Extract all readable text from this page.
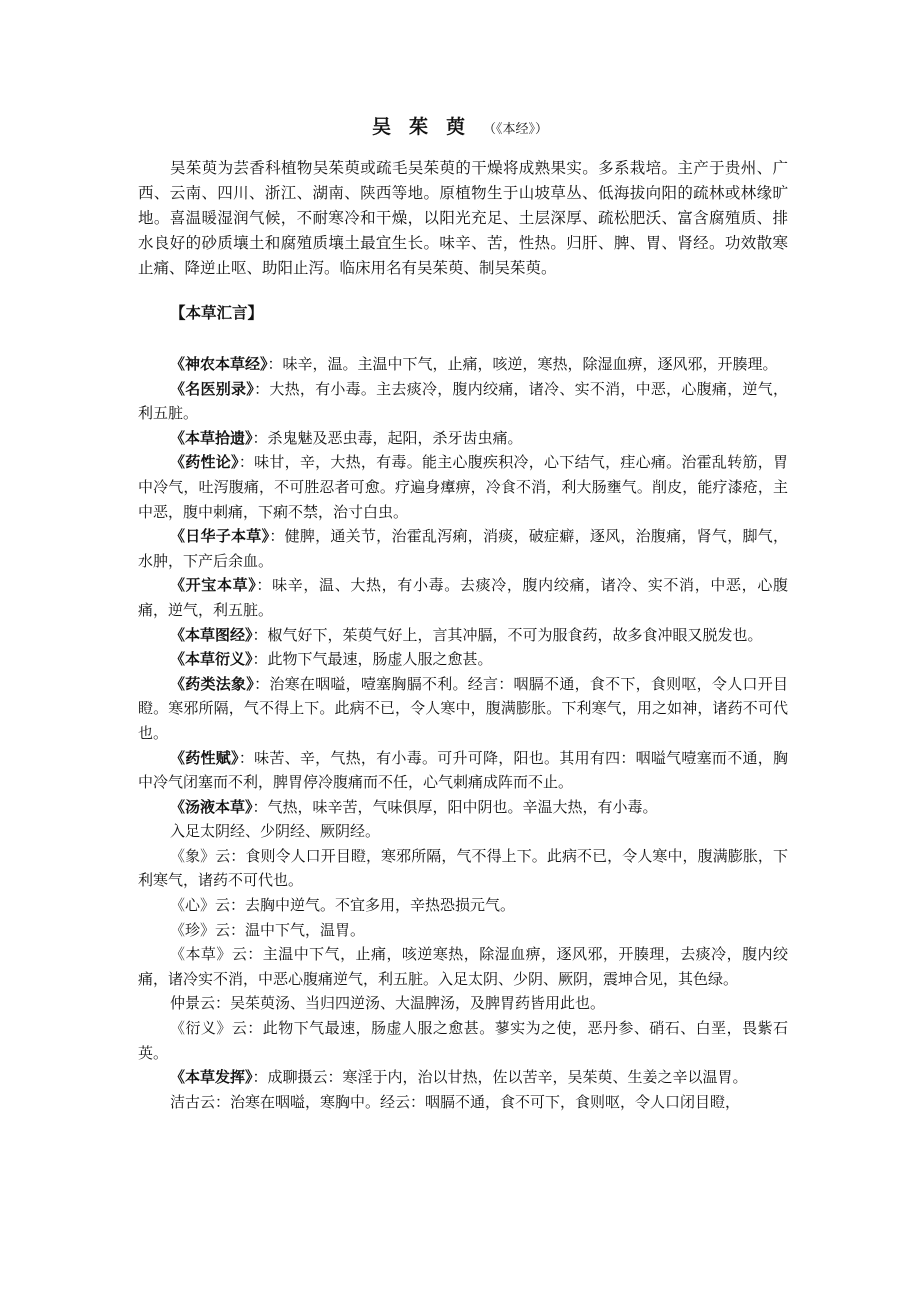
吴茱萸（《本经》）

吴茱萸为芸香科植物吴茱萸或疏毛吴茱萸的干燥将成熟果实。多系栽培。主产于贵州、广西、云南、四川、浙江、湖南、陕西等地。原植物生于山坡草丛、低海拔向阳的疏林或林缘旷地。喜温暖湿润气候，不耐寒冷和干燥，以阳光充足、土层深厚、疏松肥沃、富含腐殖质、排水良好的砂质壤土和腐殖质壤土最宜生长。味辛、苦，性热。归肝、脾、胃、肾经。功效散寒止痛、降逆止呕、助阳止泻。临床用名有吴茱萸、制吴茱萸。

【本草汇言】

《神农本草经》：味辛，温。主温中下气，止痛，咳逆，寒热，除湿血痹，逐风邪，开腠理。

《名医别录》：大热，有小毒。主去痰冷，腹内绞痛，诸冷、实不消，中恶，心腹痛，逆气，利五脏。

《本草拾遗》：杀鬼魅及恶虫毒，起阳，杀牙齿虫痛。

《药性论》：味甘，辛，大热，有毒。能主心腹疾积冷，心下结气，疰心痛。治霍乱转筋，胃中冷气，吐泻腹痛，不可胜忍者可愈。疗遍身㿏痹，冷食不消，利大肠壅气。削皮，能疗漆疮，主中恶，腹中刺痛，下痢不禁，治寸白虫。

《日华子本草》：健脾，通关节，治霍乱泻痢，消痰，破症癖，逐风，治腹痛，肾气，脚气，水肿，下产后余血。

《开宝本草》：味辛，温、大热，有小毒。去痰冷，腹内绞痛，诸冷、实不消，中恶，心腹痛，逆气，利五脏。

《本草图经》：椒气好下，茱萸气好上，言其冲膈，不可为服食药，故多食冲眼又脱发也。

《本草衍义》：此物下气最速，肠虚人服之愈甚。

《药类法象》：治寒在咽嗌，噎塞胸膈不利。经言：咽膈不通，食不下，食则呕，令人口开目瞪。寒邪所隔，气不得上下。此病不已，令人寒中，腹满膨胀。下利寒气，用之如神，诸药不可代也。

《药性赋》：味苦、辛，气热，有小毒。可升可降，阳也。其用有四：咽嗌气噎塞而不通，胸中冷气闭塞而不利，脾胃停冷腹痛而不任，心气刺痛成阵而不止。

《汤液本草》：气热，味辛苦，气味俱厚，阳中阴也。辛温大热，有小毒。

入足太阴经、少阴经、厥阴经。

《象》云：食则令人口开目瞪，寒邪所隔，气不得上下。此病不已，令人寒中，腹满膨胀，下利寒气，诸药不可代也。

《心》云：去胸中逆气。不宜多用，辛热恐损元气。

《珍》云：温中下气，温胃。

《本草》云：主温中下气，止痛，咳逆寒热，除湿血痹，逐风邪，开腠理，去痰冷，腹内绞痛，诸冷实不消，中恶心腹痛逆气，利五脏。入足太阴、少阴、厥阴，震坤合见，其色绿。

仲景云：吴茱萸汤、当归四逆汤、大温脾汤，及脾胃药皆用此也。

《衍义》云：此物下气最速，肠虚人服之愈甚。蓼实为之使，恶丹参、硝石、白垩，畏紫石英。

《本草发挥》：成聊摄云：寒淫于内，治以甘热，佐以苦辛，吴茱萸、生姜之辛以温胃。

洁古云：治寒在咽嗌，寒胸中。经云：咽膈不通，食不可下，食则呕，令人口闭目瞪，
